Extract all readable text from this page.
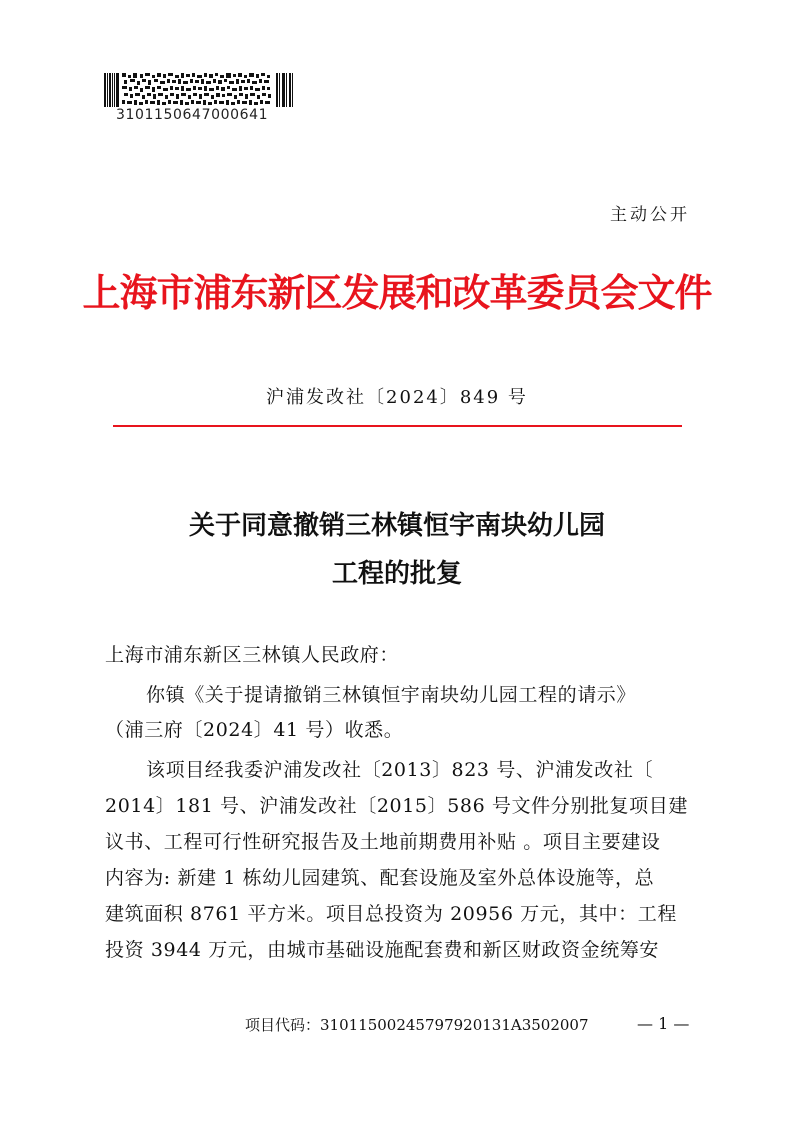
3101150647000641
主动公开
上海市浦东新区发展和改革委员会文件
沪浦发改社〔2024〕849 号
关于同意撤销三林镇恒宇南块幼儿园
工程的批复
上海市浦东新区三林镇人民政府：
你镇《关于提请撤销三林镇恒宇南块幼儿园工程的请示》
（浦三府〔2024〕41 号）收悉。
该项目经我委沪浦发改社〔2013〕823 号、沪浦发改社〔
2014〕181 号、沪浦发改社〔2015〕586 号文件分别批复项目建
议书、工程可行性研究报告及土地前期费用补贴 。项目主要建设
内容为: 新建 1 栋幼儿园建筑、配套设施及室外总体设施等，总
建筑面积 8761 平方米。项目总投资为 20956 万元，其中：工程
投资 3944 万元，由城市基础设施配套费和新区财政资金统筹安
项目代码：3101150024579792013​1A3502007	— 1 —
